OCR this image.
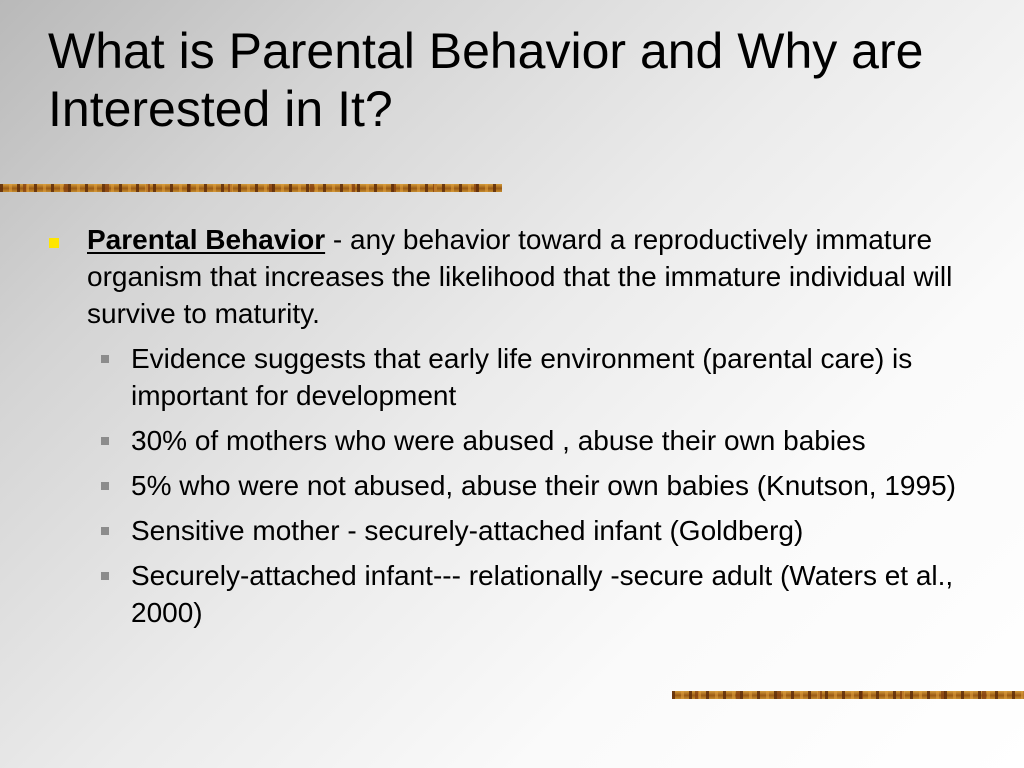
What is Parental Behavior and Why are Interested in It?
Parental Behavior - any behavior toward a reproductively immature organism that increases the likelihood that the immature individual will survive to maturity.
Evidence suggests that early life environment (parental care) is important for development
30% of mothers who were abused , abuse their own babies
5% who were not abused, abuse their own babies (Knutson, 1995)
Sensitive mother - securely-attached infant (Goldberg)
Securely-attached infant--- relationally -secure adult (Waters et al., 2000)
